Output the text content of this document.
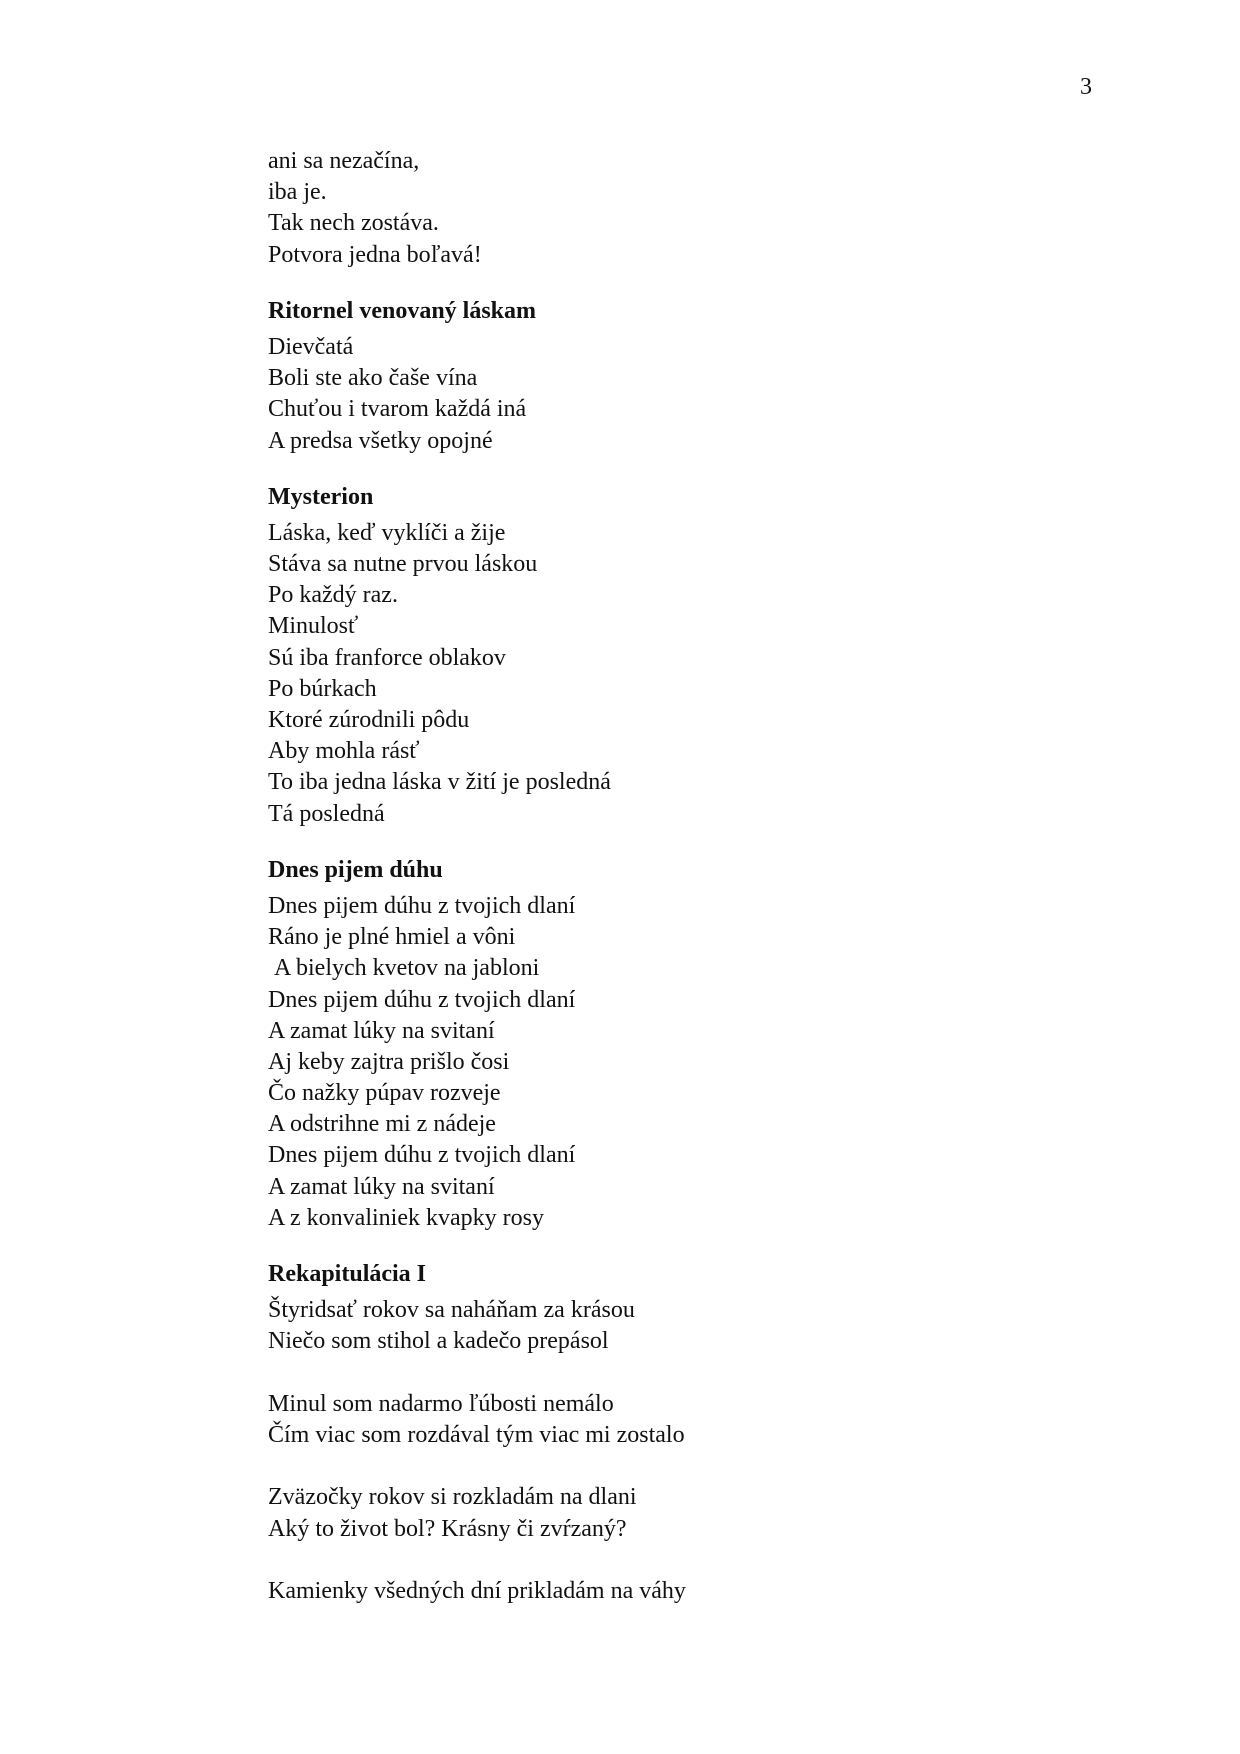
3
ani sa nezačína,
iba je.
Tak nech zostáva.
Potvora jedna boľavá!
Ritornel venovaný láskam
Dievčatá
Boli ste ako čaše vína
Chuťou i tvarom každá iná
A predsa všetky opojné
Mysterion
Láska, keď vyklíči a žije
Stáva sa nutne prvou láskou
Po každý raz.
Minulosť
Sú iba franforce oblakov
Po búrkach
Ktoré zúrodnili pôdu
Aby mohla rásť
To iba jedna láska v žití je posledná
Tá posledná
Dnes pijem dúhu
Dnes pijem dúhu z tvojich dlaní
Ráno je plné hmiel a vôni
A bielych kvetov na jabloni
Dnes pijem dúhu z tvojich dlaní
A zamat lúky na svitaní
Aj keby zajtra prišlo čosi
Čo nažky púpav rozveje
A odstrihne mi z nádeje
Dnes pijem dúhu z tvojich dlaní
A zamat lúky na svitaní
A z konvaliniek kvapky rosy
Rekapitulácia I
Štyridsať rokov sa naháňam za krásou
Niečo som stihol a kadečo prepásol
Minul som nadarmo ľúbosti nemálo
Čím viac som rozdával tým viac mi zostalo
Zväzočky rokov si rozkladám na dlani
Aký to život bol? Krásny či zvŕzaný?
Kamienky všedných dní prikladám na váhy
